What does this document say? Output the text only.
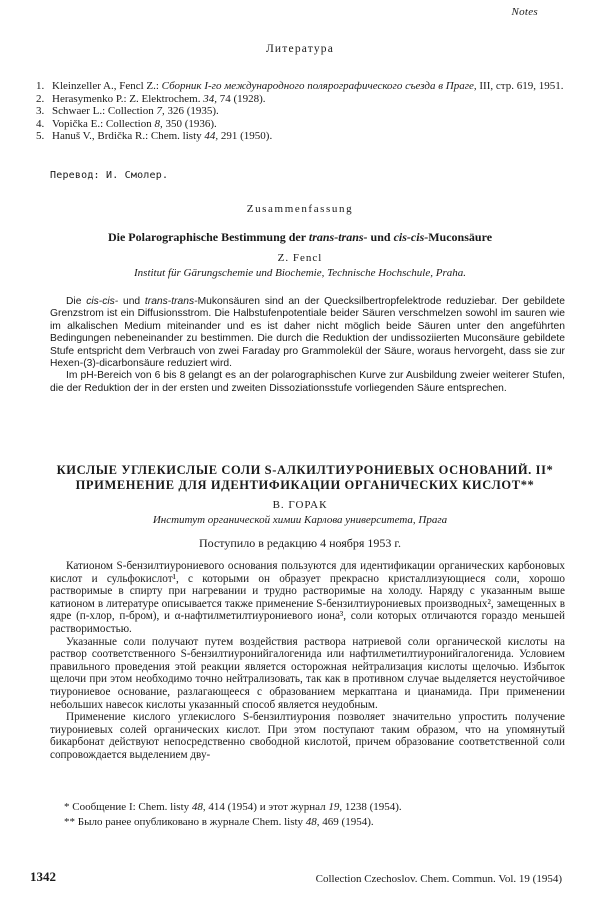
Notes
Литература
1. Kleinzeller A., Fencl Z.: Сборник I-го международного полярографического съезда в Праге, III, стр. 619, 1951.
2. Herasymenko P.: Z. Elektrochem. 34, 74 (1928).
3. Schwaer L.: Collection 7, 326 (1935).
4. Vopička E.: Collection 8, 350 (1936).
5. Hanuš V., Brdička R.: Chem. listy 44, 291 (1950).
Перевод: И. Смолер.
Zusammenfassung
Die Polarographische Bestimmung der trans-trans- und cis-cis-Muconsäure
Z. Fencl
Institut für Gärungschemie und Biochemie, Technische Hochschule, Praha.

Die cis-cis- und trans-trans-Mukonsäuren sind an der Quecksilbertropfelektrode reduziebar. Der gebildete Grenzstrom ist ein Diffusionsstrom. Die Halbstufenpotentiale beider Säuren verschmelzen sowohl im sauren wie im alkalischen Medium miteinander und es ist daher nicht möglich beide Säuren unter den angeführten Bedingungen nebeneinander zu bestimmen. Die durch die Reduktion der undissoziierten Muconsäure gebildete Stufe entspricht dem Verbrauch von zwei Faraday pro Grammolekül der Säure, woraus hervorgeht, dass sie zur Hexen-(3)-dicarbonsäure reduziert wird.

Im pH-Bereich von 6 bis 8 gelangt es an der polarographischen Kurve zur Ausbildung zweier weiterer Stufen, die der Reduktion der in der ersten und zweiten Dissoziationsstufe vorliegenden Säure entsprechen.

КИСЛЫЕ УГЛЕКИСЛЫЕ СОЛИ S-АЛКИЛТИУРОНИЕВЫХ ОСНОВАНИЙ. II*
ПРИМЕНЕНИЕ ДЛЯ ИДЕНТИФИКАЦИИ ОРГАНИЧЕСКИХ КИСЛОТ**
В. ГОРАК
Институт органической химии Карлова университета, Прага
Поступило в редакцию 4 ноября 1953 г.

Катионом S-бензилтиурониевого основания пользуются для идентификации органических карбоновых кислот и сульфокислот¹, с которыми он образует прекрасно кристаллизующиеся соли, хорошо растворимые в спирту при нагревании и трудно растворимые на холоду. Наряду с указанным выше катионом в литературе описывается также применение S-бензилтиурониевых производных², замещенных в ядре (п-хлор, п-бром), и α-нафтилметилтиурониевого иона³, соли которых отличаются гораздо меньшей растворимостью.

Указанные соли получают путем воздействия раствора натриевой соли органической кислоты на раствор соответственного S-бензилтиуронийгалогенида или нафтилметилтиуронийгалогенида. Условием правильного проведения этой реакции является осторожная нейтрализация кислоты щелочью. Избыток щелочи при этом необходимо точно нейтрализовать, так как в противном случае выделяется неустойчивое тиурониевое основание, разлагающееся с образованием меркаптана и цианамида. При применении небольших навесок кислоты указанный способ является неудобным.

Применение кислого углекислого S-бензилтиурония позволяет значительно упростить получение тиурониевых солей органических кислот. При этом поступают таким образом, что на упомянутый бикарбонат действуют непосредственно свободной кислотой, причем образование соответственной соли сопровождается выделением дву-

* Сообщение I: Chem. listy 48, 414 (1954) и этот журнал 19, 1238 (1954).
** Было ранее опубликовано в журнале Chem. listy 48, 469 (1954).
1342	Collection Czechoslov. Chem. Commun. Vol. 19 (1954)
